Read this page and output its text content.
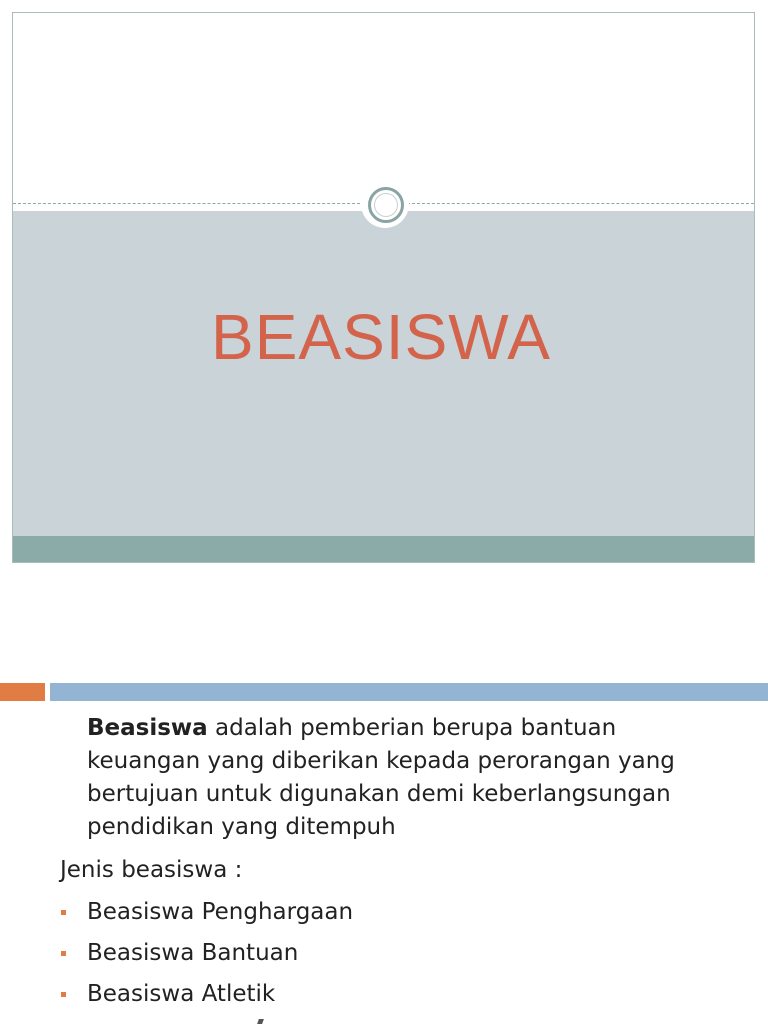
BEASISWA
Beasiswa adalah pemberian berupa bantuan keuangan yang diberikan kepada perorangan yang bertujuan untuk digunakan demi keberlangsungan pendidikan yang ditempuh
Jenis beasiswa :
Beasiswa Penghargaan
Beasiswa Bantuan
Beasiswa Atletik
